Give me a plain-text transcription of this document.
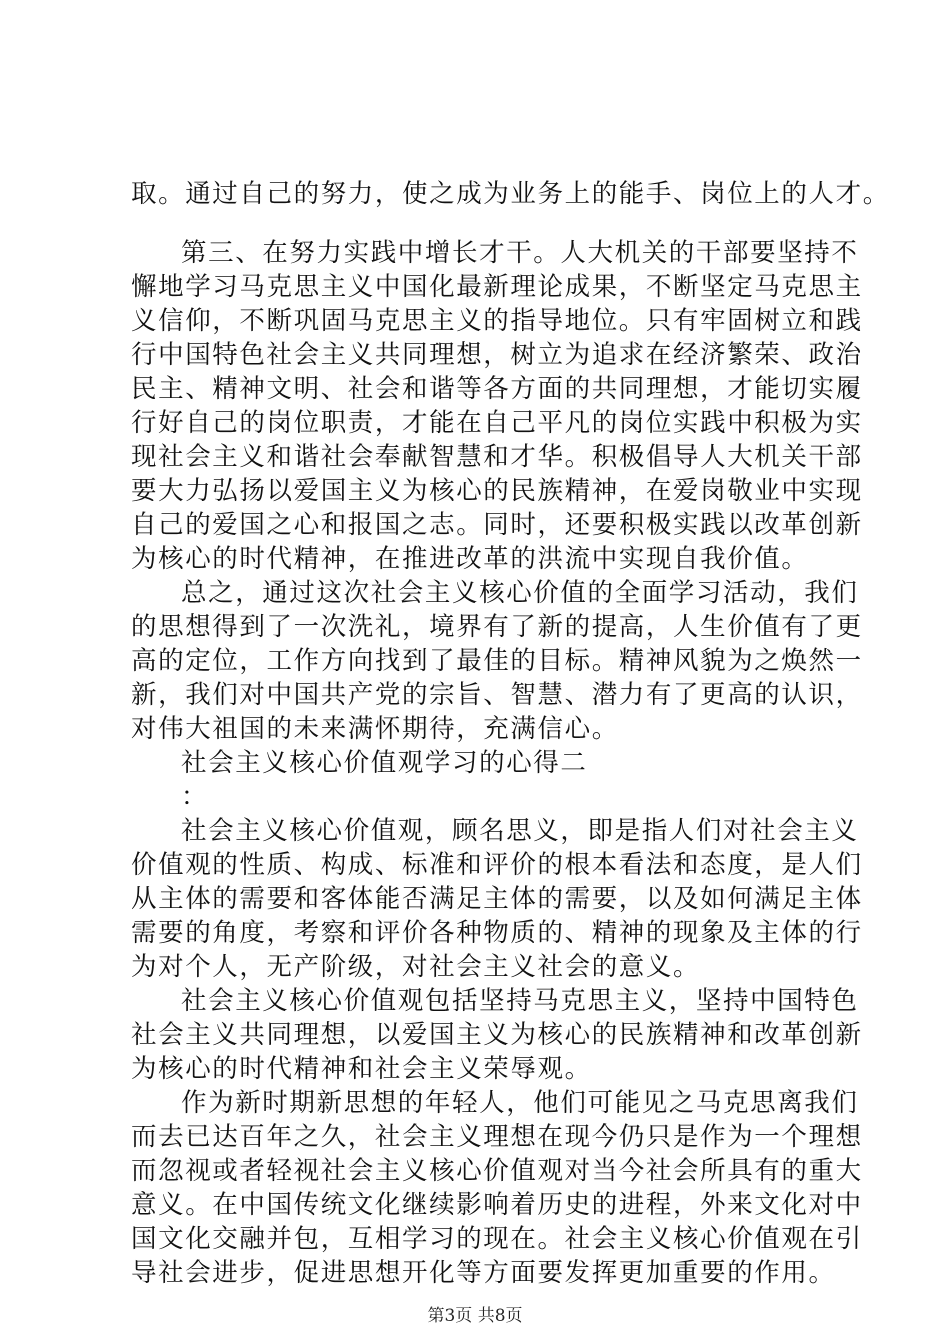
取。通过自己的努力，使之成为业务上的能手、岗位上的人才。
第三、在努力实践中增长才干。人大机关的干部要坚持不
懈地学习马克思主义中国化最新理论成果，不断坚定马克思主
义信仰，不断巩固马克思主义的指导地位。只有牢固树立和践
行中国特色社会主义共同理想，树立为追求在经济繁荣、政治
民主、精神文明、社会和谐等各方面的共同理想，才能切实履
行好自己的岗位职责，才能在自己平凡的岗位实践中积极为实
现社会主义和谐社会奉献智慧和才华。积极倡导人大机关干部
要大力弘扬以爱国主义为核心的民族精神，在爱岗敬业中实现
自己的爱国之心和报国之志。同时，还要积极实践以改革创新
为核心的时代精神，在推进改革的洪流中实现自我价值。
总之，通过这次社会主义核心价值的全面学习活动，我们
的思想得到了一次洗礼，境界有了新的提高，人生价值有了更
高的定位，工作方向找到了最佳的目标。精神风貌为之焕然一
新，我们对中国共产党的宗旨、智慧、潜力有了更高的认识，
对伟大祖国的未来满怀期待，充满信心。
社会主义核心价值观学习的心得二
：
社会主义核心价值观，顾名思义，即是指人们对社会主义
价值观的性质、构成、标准和评价的根本看法和态度，是人们
从主体的需要和客体能否满足主体的需要，以及如何满足主体
需要的角度，考察和评价各种物质的、精神的现象及主体的行
为对个人，无产阶级，对社会主义社会的意义。
社会主义核心价值观包括坚持马克思主义，坚持中国特色
社会主义共同理想，以爱国主义为核心的民族精神和改革创新
为核心的时代精神和社会主义荣辱观。
作为新时期新思想的年轻人，他们可能见之马克思离我们
而去已达百年之久，社会主义理想在现今仍只是作为一个理想
而忽视或者轻视社会主义核心价值观对当今社会所具有的重大
意义。在中国传统文化继续影响着历史的进程，外来文化对中
国文化交融并包，互相学习的现在。社会主义核心价值观在引
导社会进步，促进思想开化等方面要发挥更加重要的作用。
第3页 共8页
